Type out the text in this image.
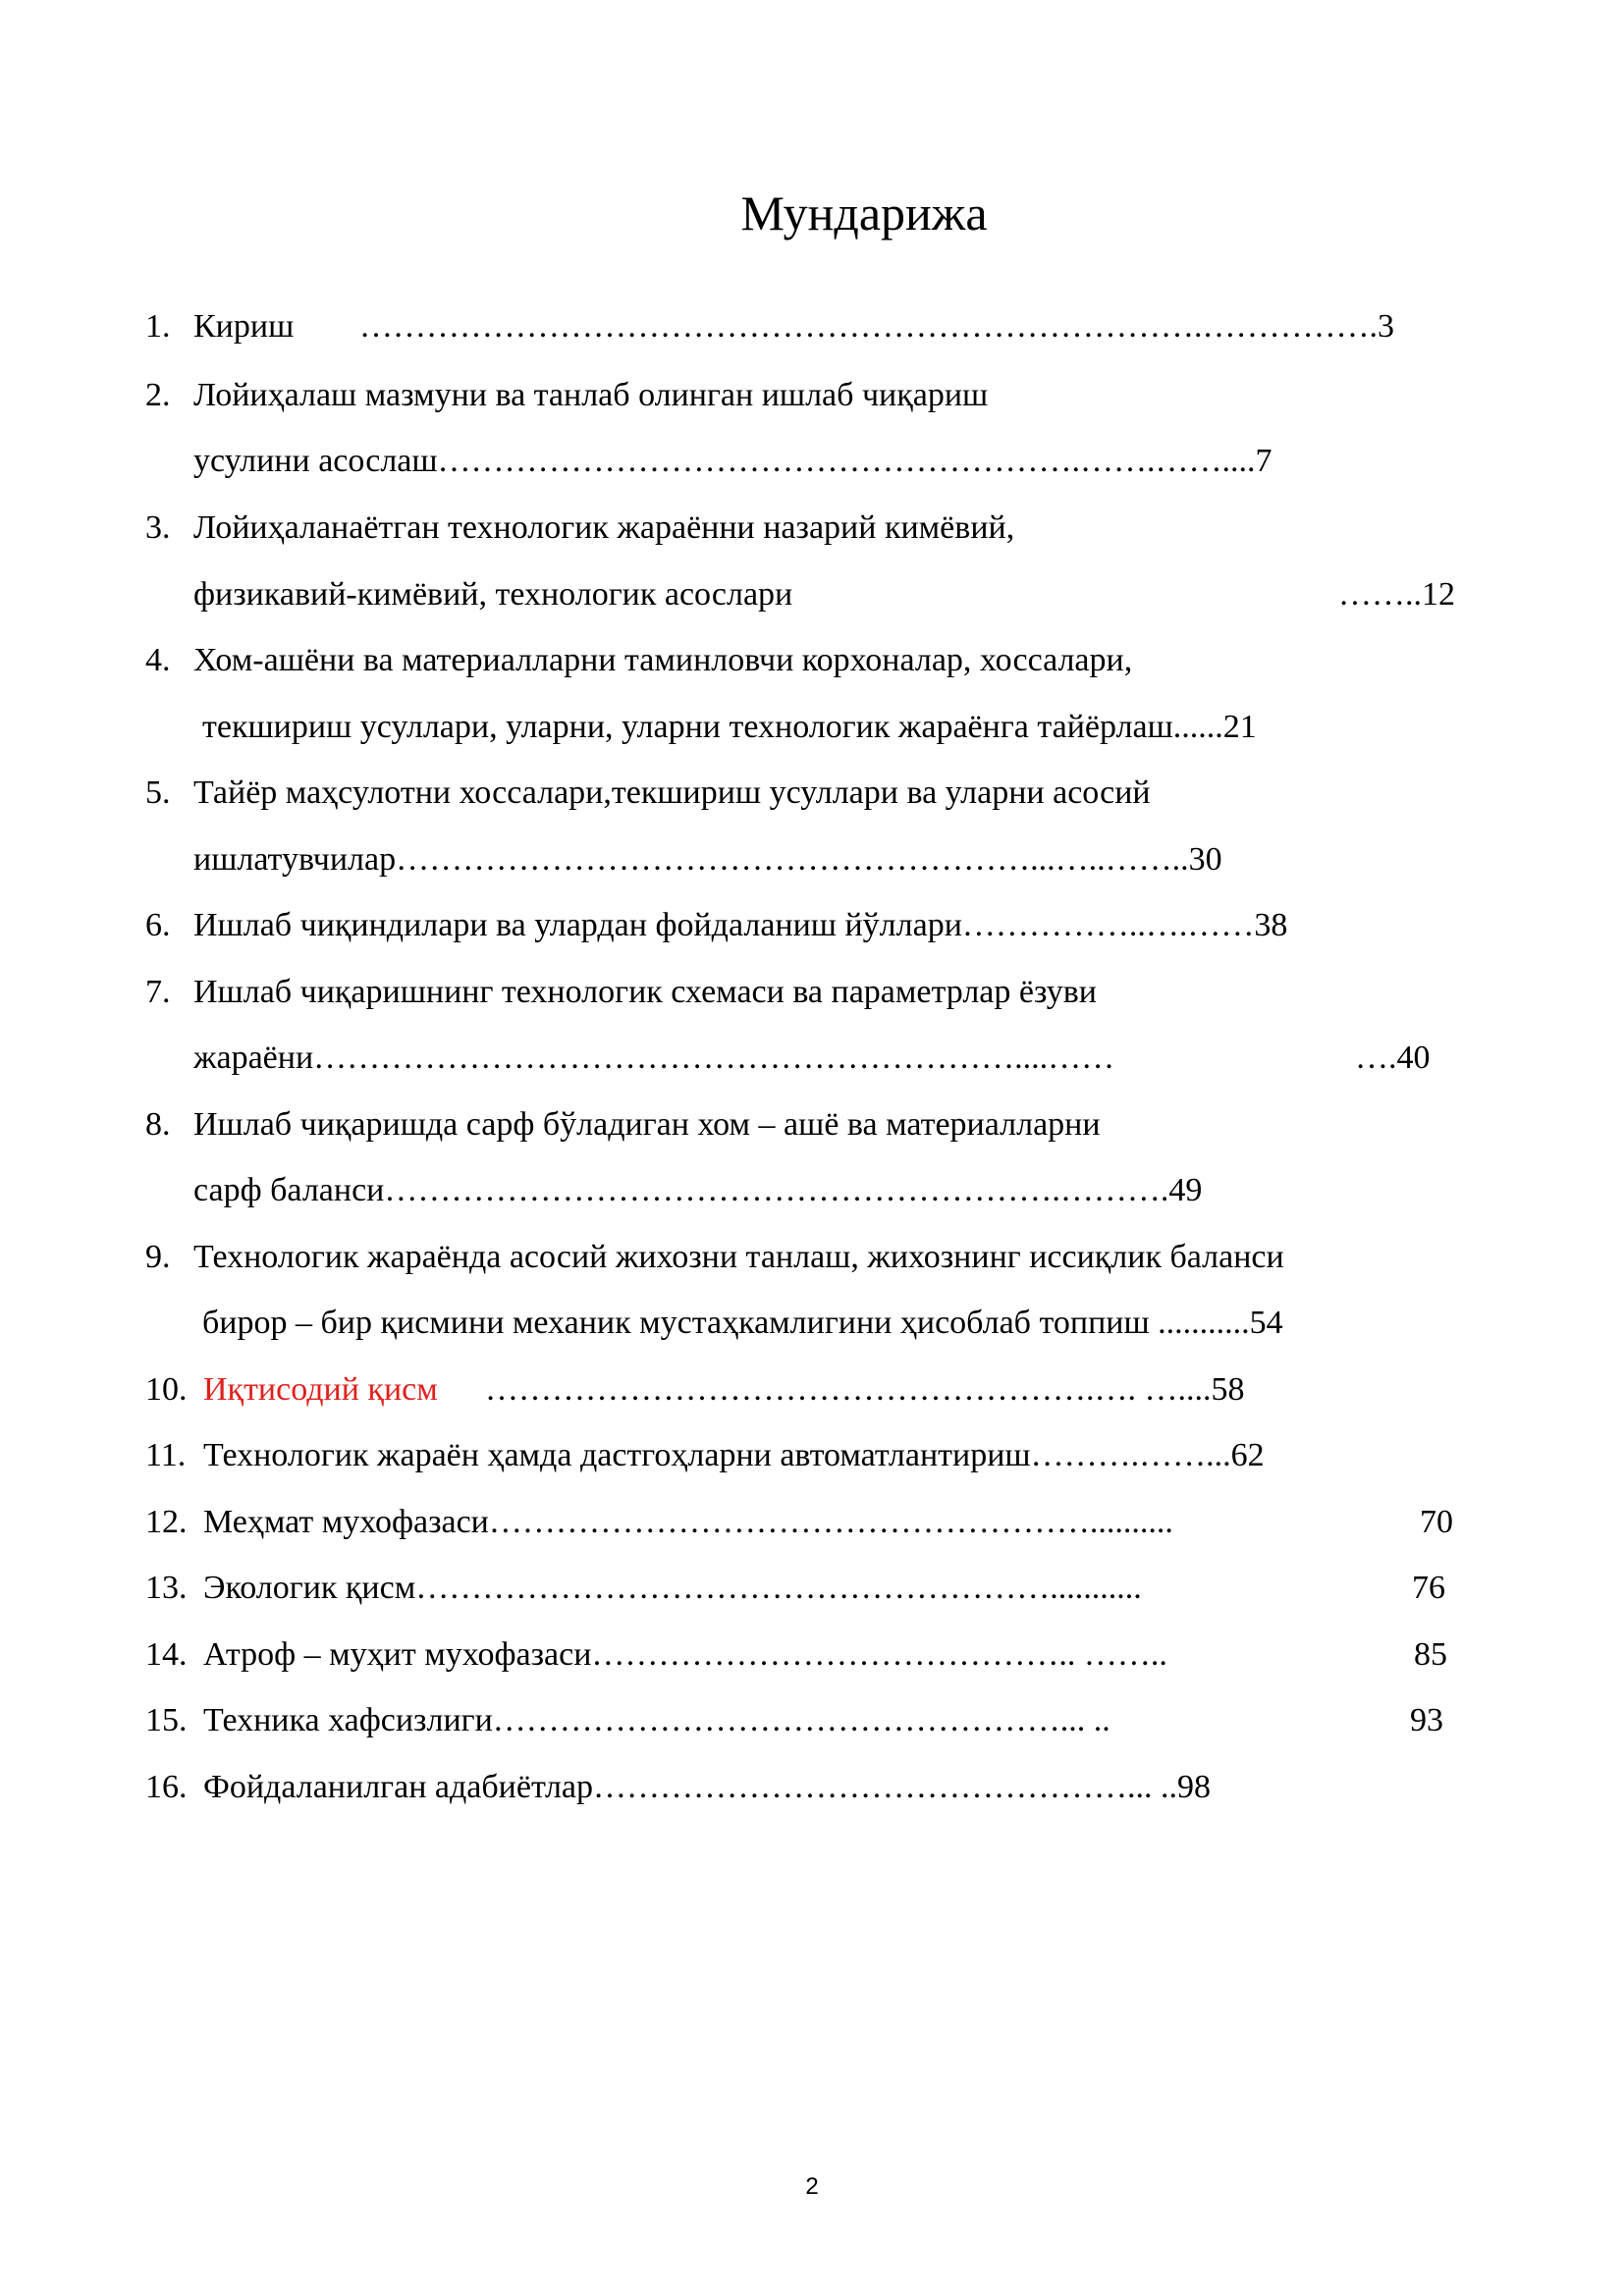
Мундарижа
1. Кириш ………………………………………………………………….…………….3
2. Лойиҳалаш мазмуни ва танлаб олинган ишлаб чиқариш
усулини асослаш………………………………………………….…….……....7
3. Лойиҳаланаётган технологик жараённи назарий кимёвий,
физикавий-кимёвий, технологик асослари	……..12
4. Хом-ашёни ва материалларни таминловчи корхоналар, хоссалари,
текшириш усуллари, уларни, уларни технологик жараёнга тайёрлаш......21
5. Тайёр маҳсулотни хоссалари,текшириш усуллари ва уларни асосий
ишлатувчилар…………………………………………………...…..……..30
6. Ишлаб чиқиндилари ва улардан фойдаланиш йўллари……………..….……38
7. Ишлаб чиқаришнинг технологик схемаси ва параметрлар ёзуви
жараёни………………………………………………………....……	….40
8. Ишлаб чиқаришда сарф бўладиган хом – ашё ва материалларни
сарф баланси…………………………………………………….……….49
9. Технологик жараёнда асосий жихозни танлаш, жихознинг иссиқлик баланси
бирор – бир қисмини механик мустаҳкамлигини ҳисоблаб топпиш ...........54
10. Иқтисодий қисм ……………………………………………….…. …....58
11. Технологик жараён ҳамда дастгоҳларни автоматлантириш……….……...62
12. Меҳмат мухофазаси………………………………………………..........	70
13. Экологик қисм…………………………………………………...........	76
14. Атроф – муҳит мухофазаси…………………………………….. ……..	85
15. Техника хафсизлиги……………………………………………... ..	93
16. Фойдаланилган адабиётлар…………………………………………... ..98
2
